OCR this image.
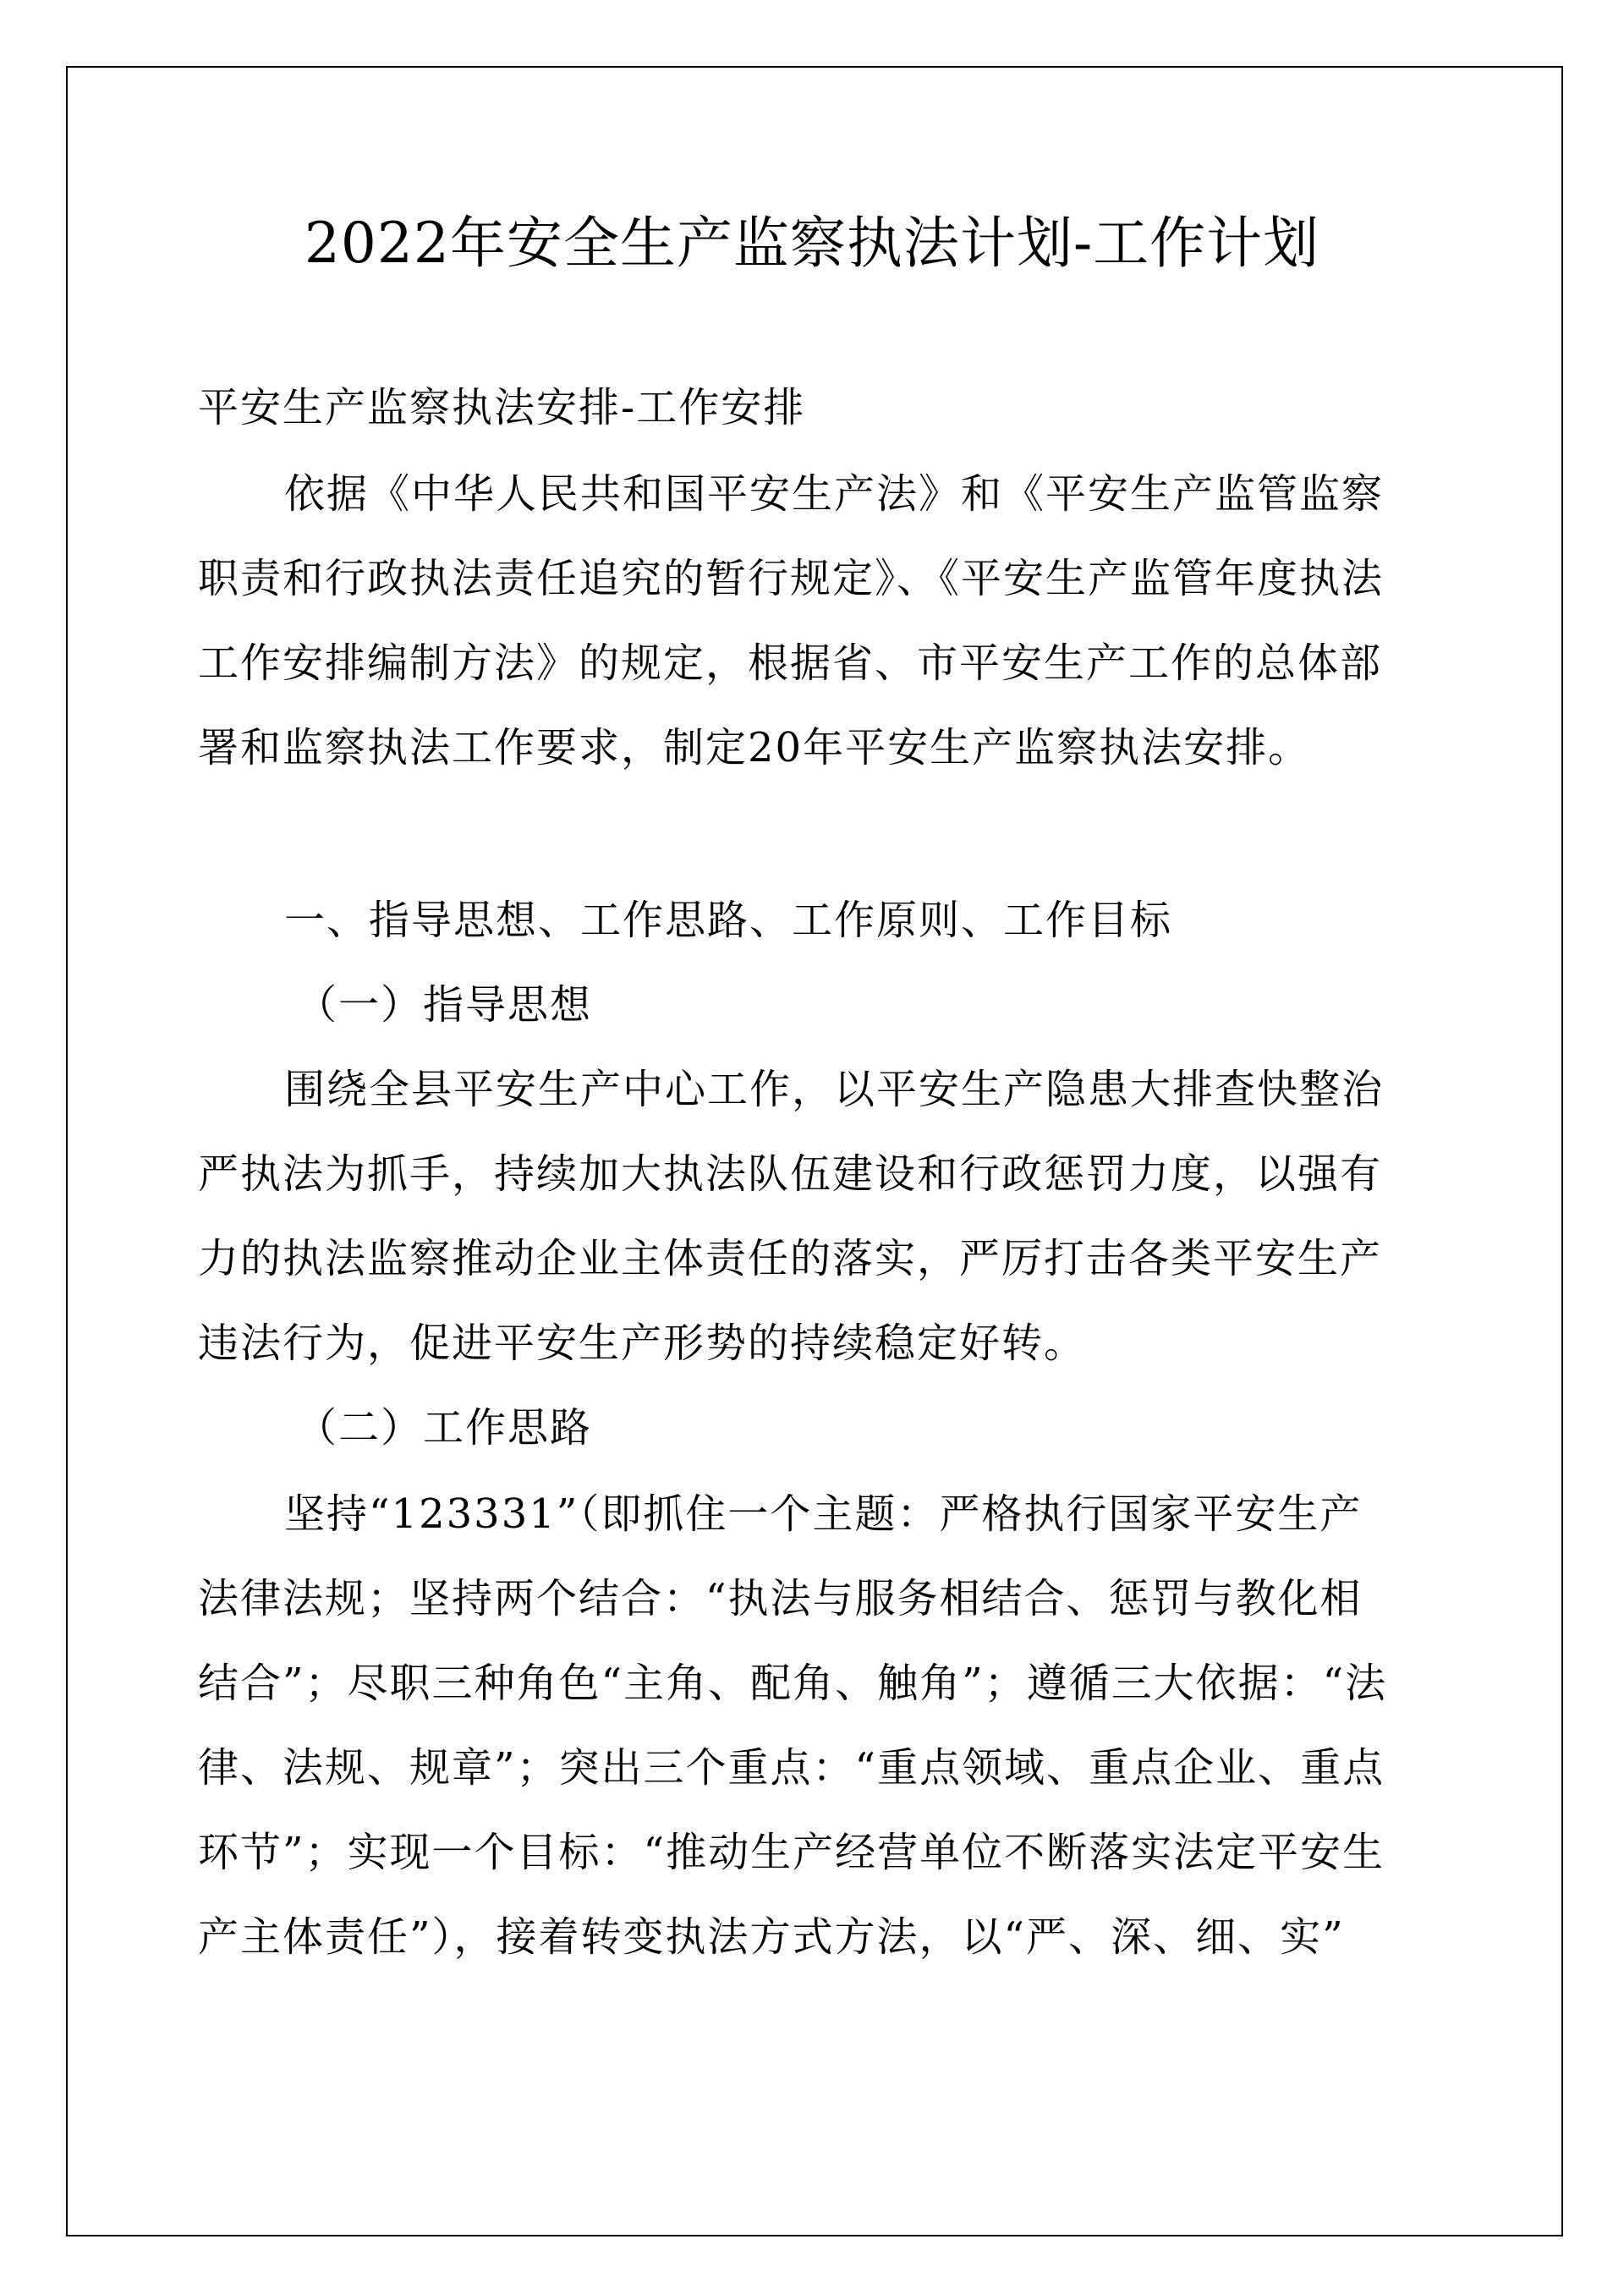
2022年安全生产监察执法计划-工作计划
平安生产监察执法安排-工作安排
依据《中华人民共和国平安生产法》和《平安生产监管监察
职责和行政执法责任追究的暂行规定》、《平安生产监管年度执法
工作安排编制方法》的规定，根据省、市平安生产工作的总体部
署和监察执法工作要求，制定20年平安生产监察执法安排。
一、指导思想、工作思路、工作原则、工作目标
（一）指导思想
围绕全县平安生产中心工作，以平安生产隐患大排查快整治
严执法为抓手，持续加大执法队伍建设和行政惩罚力度，以强有
力的执法监察推动企业主体责任的落实，严厉打击各类平安生产
违法行为，促进平安生产形势的持续稳定好转。
（二）工作思路
坚持“123331”（即抓住一个主题：严格执行国家平安生产
法律法规；坚持两个结合：“执法与服务相结合、惩罚与教化相
结合”；尽职三种角色“主角、配角、触角”；遵循三大依据：“法
律、法规、规章”；突出三个重点：“重点领域、重点企业、重点
环节”；实现一个目标：“推动生产经营单位不断落实法定平安生
产主体责任”），接着转变执法方式方法，以“严、深、细、实”
